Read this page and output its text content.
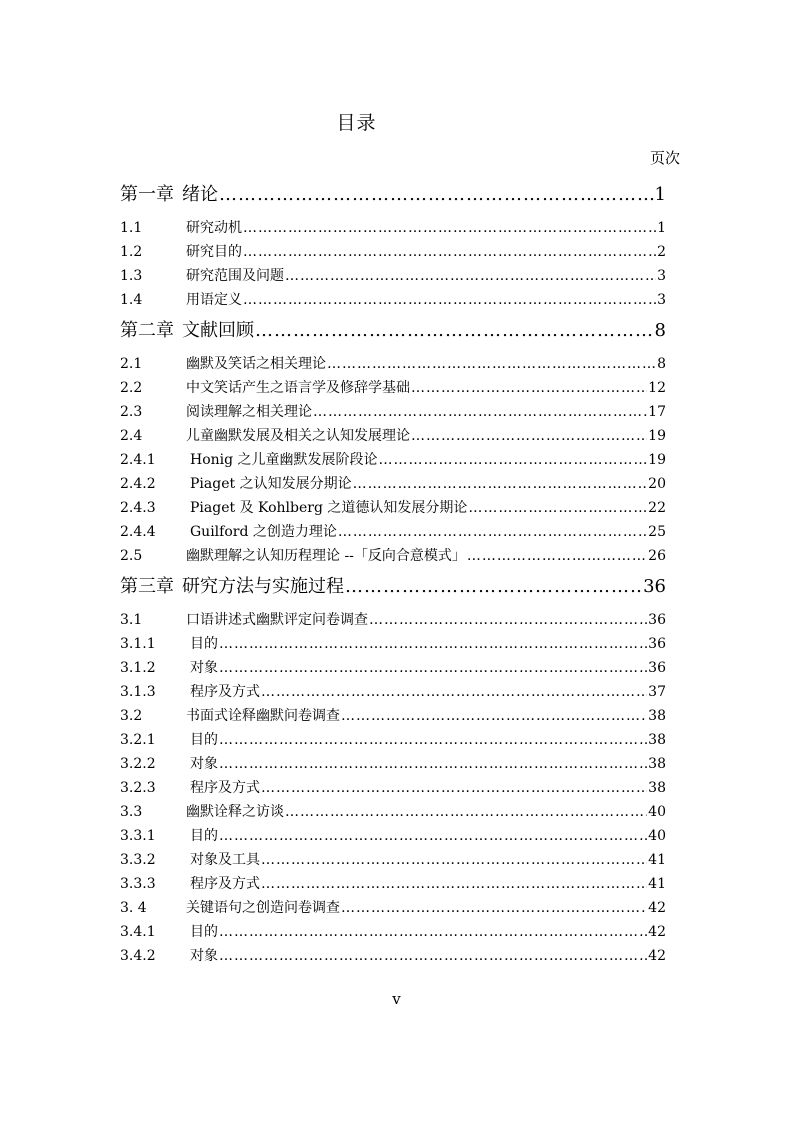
目录
页次
第一章 绪论 …………………………………………………………………………………………………………………………………………………………………………………	1
1.1	研究动机 …………………………………………………………………………………………………………………………………………………………………………………	1
1.2	研究目的 …………………………………………………………………………………………………………………………………………………………………………………	2
1.3	研究范围及问题 …………………………………………………………………………………………………………………………………………………………………………………	3
1.4	用语定义 …………………………………………………………………………………………………………………………………………………………………………………	3
第二章 文献回顾 …………………………………………………………………………………………………………………………………………………………………………………	8
2.1	幽默及笑话之相关理论 …………………………………………………………………………………………………………………………………………………………………………………	8
2.2	中文笑话产生之语言学及修辞学基础 …………………………………………………………………………………………………………………………………………………………………………………	12
2.3	阅读理解之相关理论 …………………………………………………………………………………………………………………………………………………………………………………	17
2.4	儿童幽默发展及相关之认知发展理论 …………………………………………………………………………………………………………………………………………………………………………………	19
2.4.1	Honig 之儿童幽默发展阶段论 …………………………………………………………………………………………………………………………………………………………………………………	19
2.4.2	Piaget 之认知发展分期论 …………………………………………………………………………………………………………………………………………………………………………………	20
2.4.3	Piaget 及 Kohlberg 之道德认知发展分期论 …………………………………………………………………………………………………………………………………………………………………………………	22
2.4.4	Guilford 之创造力理论 …………………………………………………………………………………………………………………………………………………………………………………	25
2.5	幽默理解之认知历程理论 --「反向合意模式」 …………………………………………………………………………………………………………………………………………………………………………………	26
第三章 研究方法与实施过程 …………………………………………………………………………………………………………………………………………………………………………………	36
3.1	口语讲述式幽默评定问卷调查 …………………………………………………………………………………………………………………………………………………………………………………	36
3.1.1	目的 …………………………………………………………………………………………………………………………………………………………………………………	36
3.1.2	对象 …………………………………………………………………………………………………………………………………………………………………………………	36
3.1.3	程序及方式 …………………………………………………………………………………………………………………………………………………………………………………	37
3.2	书面式诠释幽默问卷调查 …………………………………………………………………………………………………………………………………………………………………………………	38
3.2.1	目的 …………………………………………………………………………………………………………………………………………………………………………………	38
3.2.2	对象 …………………………………………………………………………………………………………………………………………………………………………………	38
3.2.3	程序及方式 …………………………………………………………………………………………………………………………………………………………………………………	38
3.3	幽默诠释之访谈 …………………………………………………………………………………………………………………………………………………………………………………	40
3.3.1	目的 …………………………………………………………………………………………………………………………………………………………………………………	40
3.3.2	对象及工具 …………………………………………………………………………………………………………………………………………………………………………………	41
3.3.3	程序及方式 …………………………………………………………………………………………………………………………………………………………………………………	41
3. 4	关键语句之创造问卷调查 …………………………………………………………………………………………………………………………………………………………………………………	42
3.4.1	目的 …………………………………………………………………………………………………………………………………………………………………………………	42
3.4.2	对象 …………………………………………………………………………………………………………………………………………………………………………………	42
v
